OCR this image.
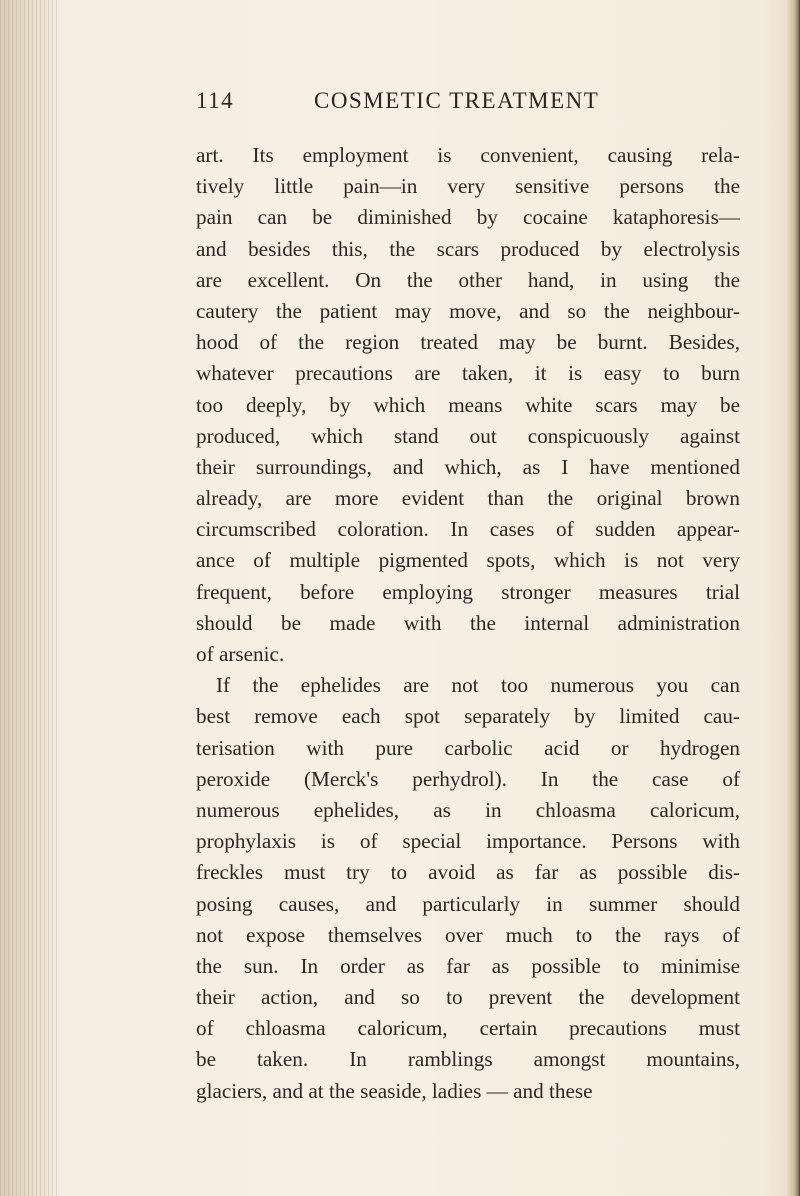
114	COSMETIC TREATMENT
art. Its employment is convenient, causing rela-
tively little pain—in very sensitive persons the
pain can be diminished by cocaine kataphoresis—
and besides this, the scars produced by electrolysis
are excellent. On the other hand, in using the
cautery the patient may move, and so the neighbour-
hood of the region treated may be burnt. Besides,
whatever precautions are taken, it is easy to burn
too deeply, by which means white scars may be
produced, which stand out conspicuously against
their surroundings, and which, as I have mentioned
already, are more evident than the original brown
circumscribed coloration. In cases of sudden appear-
ance of multiple pigmented spots, which is not very
frequent, before employing stronger measures trial
should be made with the internal administration
of arsenic.
If the ephelides are not too numerous you can
best remove each spot separately by limited cau-
terisation with pure carbolic acid or hydrogen
peroxide (Merck's perhydrol). In the case of
numerous ephelides, as in chloasma caloricum,
prophylaxis is of special importance. Persons with
freckles must try to avoid as far as possible dis-
posing causes, and particularly in summer should
not expose themselves over much to the rays of
the sun. In order as far as possible to minimise
their action, and so to prevent the development
of chloasma caloricum, certain precautions must
be taken. In ramblings amongst mountains,
glaciers, and at the seaside, ladies — and these
